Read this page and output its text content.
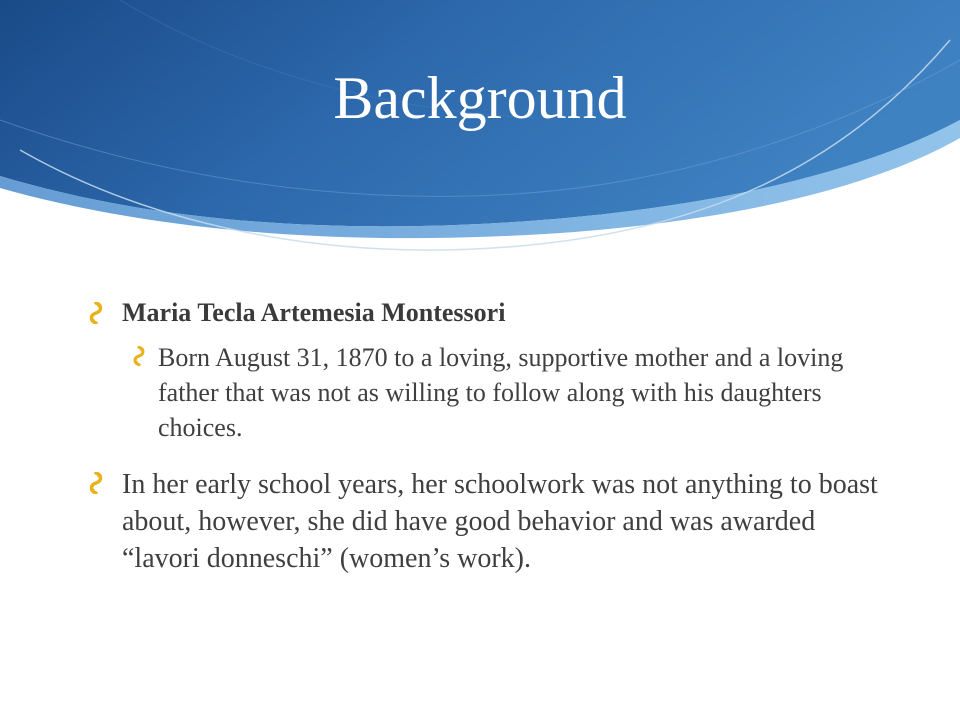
Background

Maria Tecla Artemesia Montessori

Born August 31, 1870 to a loving, supportive mother and a loving father that was not as willing to follow along with his daughters choices.

In her early school years, her schoolwork was not anything to boast about, however, she did have good behavior and was awarded “lavori donneschi” (women’s work).
